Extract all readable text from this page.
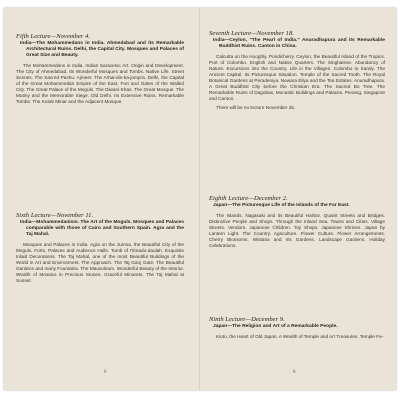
Fifth Lecture—November 4.

India—The Mohammedans in India. Ahmedabad and its Remarkable Architectural Ruins. Delhi, the Capital City. Mosques and Palaces of Great Size and Beauty.

The Mohammedans in India. Indian Saracenic Art. Origin and Development. The City of Ahmedabad. Its Wonderful Mosques and Tombs. Native Life. Street Scenes. The Sacred Pashu. Ajmeer. The Arhai-din-ka-jompra. Delhi, the Capital of the Great Mohammedan Empire of the East. Fort and Gates of the Walled City. The Great Palace of the Moguls. The Diwani-Khas. The Great Mosque. The Mutiny and the Memorable Siege. Old Delhi. Its Extensive Ruins. Remarkable Tombs. The Kutub Minar and the Adjacent Mosque.

Sixth Lecture—November 11.

India—Mohammedanism. The Art of the Moguls. Mosques and Palaces comparable with those of Cairo and Southern Spain. Agra and the Taj Mahal.

Mosques and Palaces in India. Agra on the Jumna, the Beautiful City of the Moguls. Forts, Palaces and Audience Halls. Tomb of I'timadu-daulah. Exquisite Inlaid Decorations. The Taj Mahal, one of the most Beautiful Buildings of the World in Art and Environment. The Approach. The Taj Ganj Gate. The Beautiful Gardens and many Fountains. The Mausoleum. Wonderful Beauty of the Interior. Wealth of Mosaics in Precious Stones. Graceful Minarets. The Taj Mahal at Sunset.

6

Seventh Lecture—November 18.

India—Ceylon, "The Pearl of India." Anuradhapura and its Remarkable Buddhist Ruins. Canton in China.

Calcutta on the Hooghly. Pondicherry. Ceylon, the Beautiful Island of the Tropics. Port of Colombo. English and Native Quarters. The Singhalese. Abundancy of Nature. Excursions into the Country. Life in the Villages. Colombo to Kandy. The Ancient Capital. Its Picturesque Situation. Temple of the Sacred Tooth. The Royal Botanical Gardens at Peradeniya. Newara Eliya and the Tea Estates. Anuradhapura. A Great Buddhist City before the Christian Era. The Sacred Bo Tree. The Remarkable Ruins of Dagobas, Monastic Buildings and Palaces. Penang, Singapore and Canton.

There will be no lecture November 25.

Eighth Lecture—December 2.

Japan—The Picturesque Life of the Islands of the Far East.

The Islands. Nagasaki and its Beautiful Harbor. Quaint Streets and Bridges. Distinctive People and Shops. Through the Inland Sea. Towns and Cities. Village Streets. Vendors. Japanese Children. Toy Shops. Japanese Shrines. Japan by Lantern Light. The Country. Agriculture. Flower Culture. Flower Arrangements. Cherry Blossoms. Wistaria and Iris Gardens. Landscape Gardens. Holiday Celebrations.

Ninth Lecture—December 9.

Japan—The Religion and Art of a Remarkable People.

Kioto, the Heart of Old Japan. A Wealth of Temple and Art Treasures. Temple Fe-

8
